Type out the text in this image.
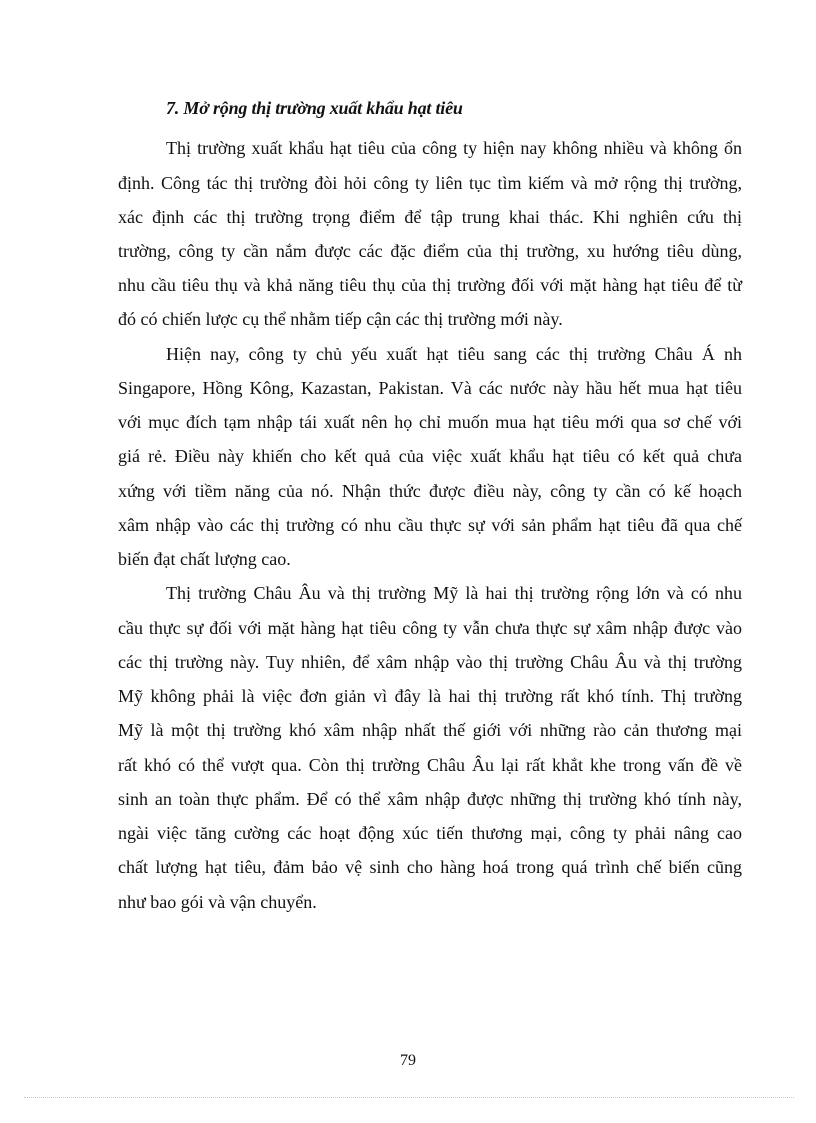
7. Mở rộng thị trường xuất khẩu hạt tiêu

Thị trường xuất khẩu hạt tiêu của công ty hiện nay không nhiều và không ổn

định. Công tác thị trường đòi hỏi công ty liên tục tìm kiếm và mở rộng thị trường,

xác định các thị trường trọng điểm để tập trung khai thác. Khi nghiên cứu thị

trường, công ty cần nắm được các đặc điểm của thị trường, xu hướng tiêu dùng,

nhu cầu tiêu thụ và khả năng tiêu thụ của thị trường đối với mặt hàng hạt tiêu để từ

đó có chiến lược cụ thể nhằm tiếp cận các thị trường mới này.

Hiện nay, công ty chủ yếu xuất hạt tiêu sang các thị trường Châu Á nh

Singapore, Hồng Kông, Kazastan, Pakistan. Và các nước này hầu hết mua hạt tiêu

với mục đích tạm nhập tái xuất nên họ chỉ muốn mua hạt tiêu mới qua sơ chế với

giá rẻ. Điều này khiến cho kết quả của việc xuất khẩu hạt tiêu có kết quả chưa

xứng với tiềm năng của nó. Nhận thức được điều này, công ty cần có kế hoạch

xâm nhập vào các thị trường có nhu cầu thực sự với sản phẩm hạt tiêu đã qua chế

biến đạt chất lượng cao.

Thị trường Châu Âu và thị trường Mỹ là hai thị trường rộng lớn và có nhu

cầu thực sự đối với mặt hàng hạt tiêu công ty vẫn chưa thực sự xâm nhập được vào

các thị trường này. Tuy nhiên, để xâm nhập vào thị trường Châu Âu và thị trường

Mỹ không phải là việc đơn giản vì đây là hai thị trường rất khó tính. Thị trường

Mỹ là một thị trường khó xâm nhập nhất thế giới với những rào cản thương mại

rất khó có thể vượt qua. Còn thị trường Châu Âu lại rất khắt khe trong vấn đề về

sinh an toàn thực phẩm. Để có thể xâm nhập được những thị trường khó tính này,

ngài việc tăng cường các hoạt động xúc tiến thương mại, công ty phải nâng cao

chất lượng hạt tiêu, đảm bảo vệ sinh cho hàng hoá trong quá trình chế biến cũng

như bao gói và vận chuyển.

79
